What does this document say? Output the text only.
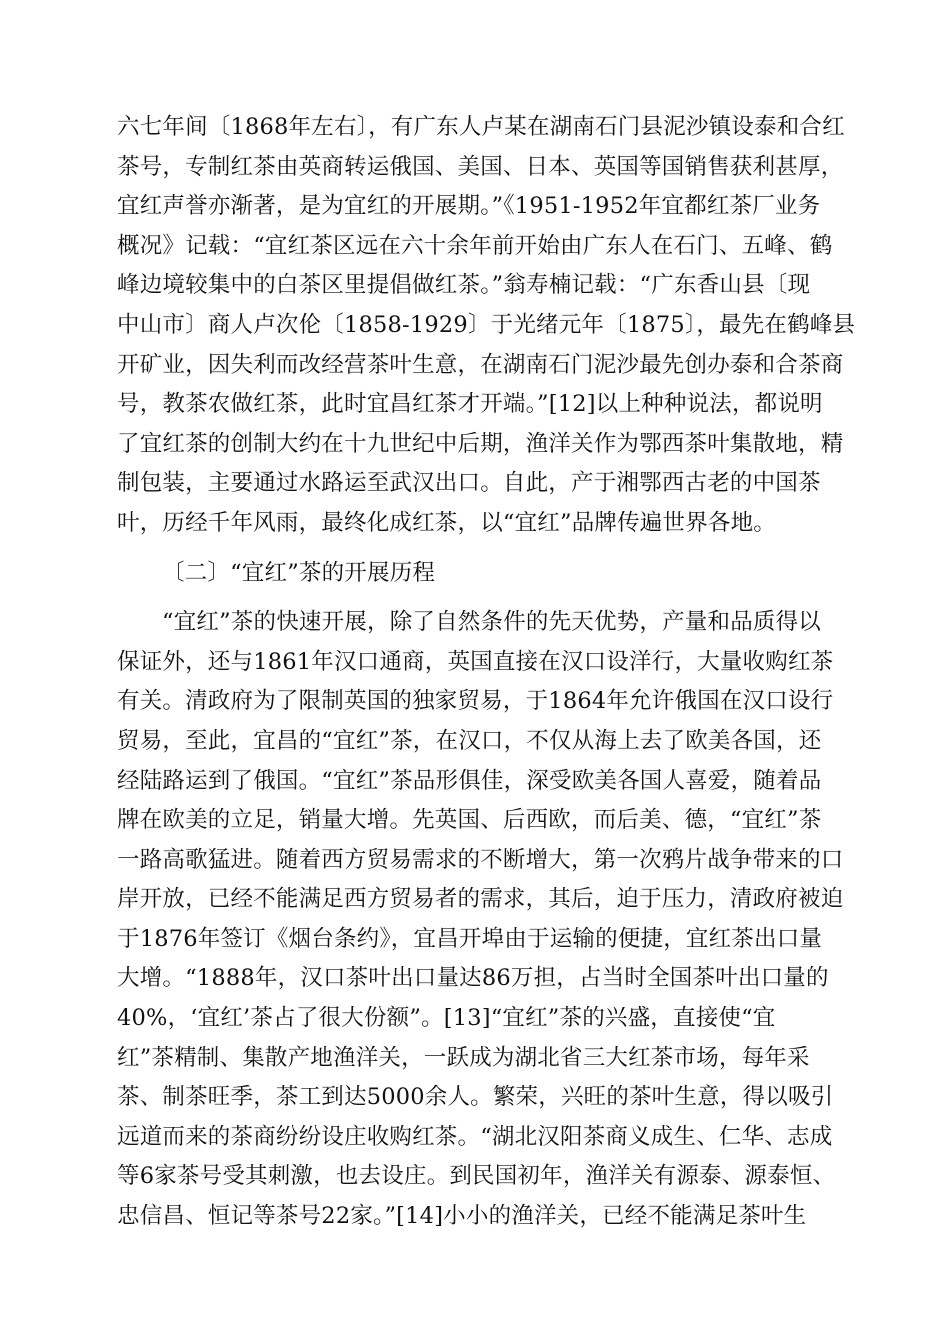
六七年间〔1868年左右〕，有广东人卢某在湖南石门县泥沙镇设泰和合红
茶号，专制红茶由英商转运俄国、美国、日本、英国等国销售获利甚厚，
宜红声誉亦渐著，是为宜红的开展期。”《1951-1952年宜都红茶厂业务
概况》记载：“宜红茶区远在六十余年前开始由广东人在石门、五峰、鹤
峰边境较集中的白茶区里提倡做红茶。”翁寿楠记载：“广东香山县〔现
中山市〕商人卢次伦〔1858-1929〕于光绪元年〔1875〕，最先在鹤峰县
开矿业，因失利而改经营茶叶生意，在湖南石门泥沙最先创办泰和合茶商
号，教茶农做红茶，此时宜昌红茶才开端。”[12]以上种种说法，都说明
了宜红茶的创制大约在十九世纪中后期，渔洋关作为鄂西茶叶集散地，精
制包装，主要通过水路运至武汉出口。自此，产于湘鄂西古老的中国茶
叶，历经千年风雨，最终化成红茶，以“宜红”品牌传遍世界各地。
〔二〕“宜红”茶的开展历程
“宜红”茶的快速开展，除了自然条件的先天优势，产量和品质得以
保证外，还与1861年汉口通商，英国直接在汉口设洋行，大量收购红茶
有关。清政府为了限制英国的独家贸易，于1864年允许俄国在汉口设行
贸易，至此，宜昌的“宜红”茶，在汉口，不仅从海上去了欧美各国，还
经陆路运到了俄国。“宜红”茶品形俱佳，深受欧美各国人喜爱，随着品
牌在欧美的立足，销量大增。先英国、后西欧，而后美、德，“宜红”茶
一路高歌猛进。随着西方贸易需求的不断增大，第一次鸦片战争带来的口
岸开放，已经不能满足西方贸易者的需求，其后，迫于压力，清政府被迫
于1876年签订《烟台条约》，宜昌开埠由于运输的便捷，宜红茶出口量
大增。“1888年，汉口茶叶出口量达86万担，占当时全国茶叶出口量的
40%，‘宜红’茶占了很大份额”。[13]“宜红”茶的兴盛，直接使“宜
红”茶精制、集散产地渔洋关，一跃成为湖北省三大红茶市场，每年采
茶、制茶旺季，茶工到达5000余人。繁荣，兴旺的茶叶生意，得以吸引
远道而来的茶商纷纷设庄收购红茶。“湖北汉阳茶商义成生、仁华、志成
等6家茶号受其刺激，也去设庄。到民国初年，渔洋关有源泰、源泰恒、
忠信昌、恒记等茶号22家。”[14]小小的渔洋关，已经不能满足茶叶生
